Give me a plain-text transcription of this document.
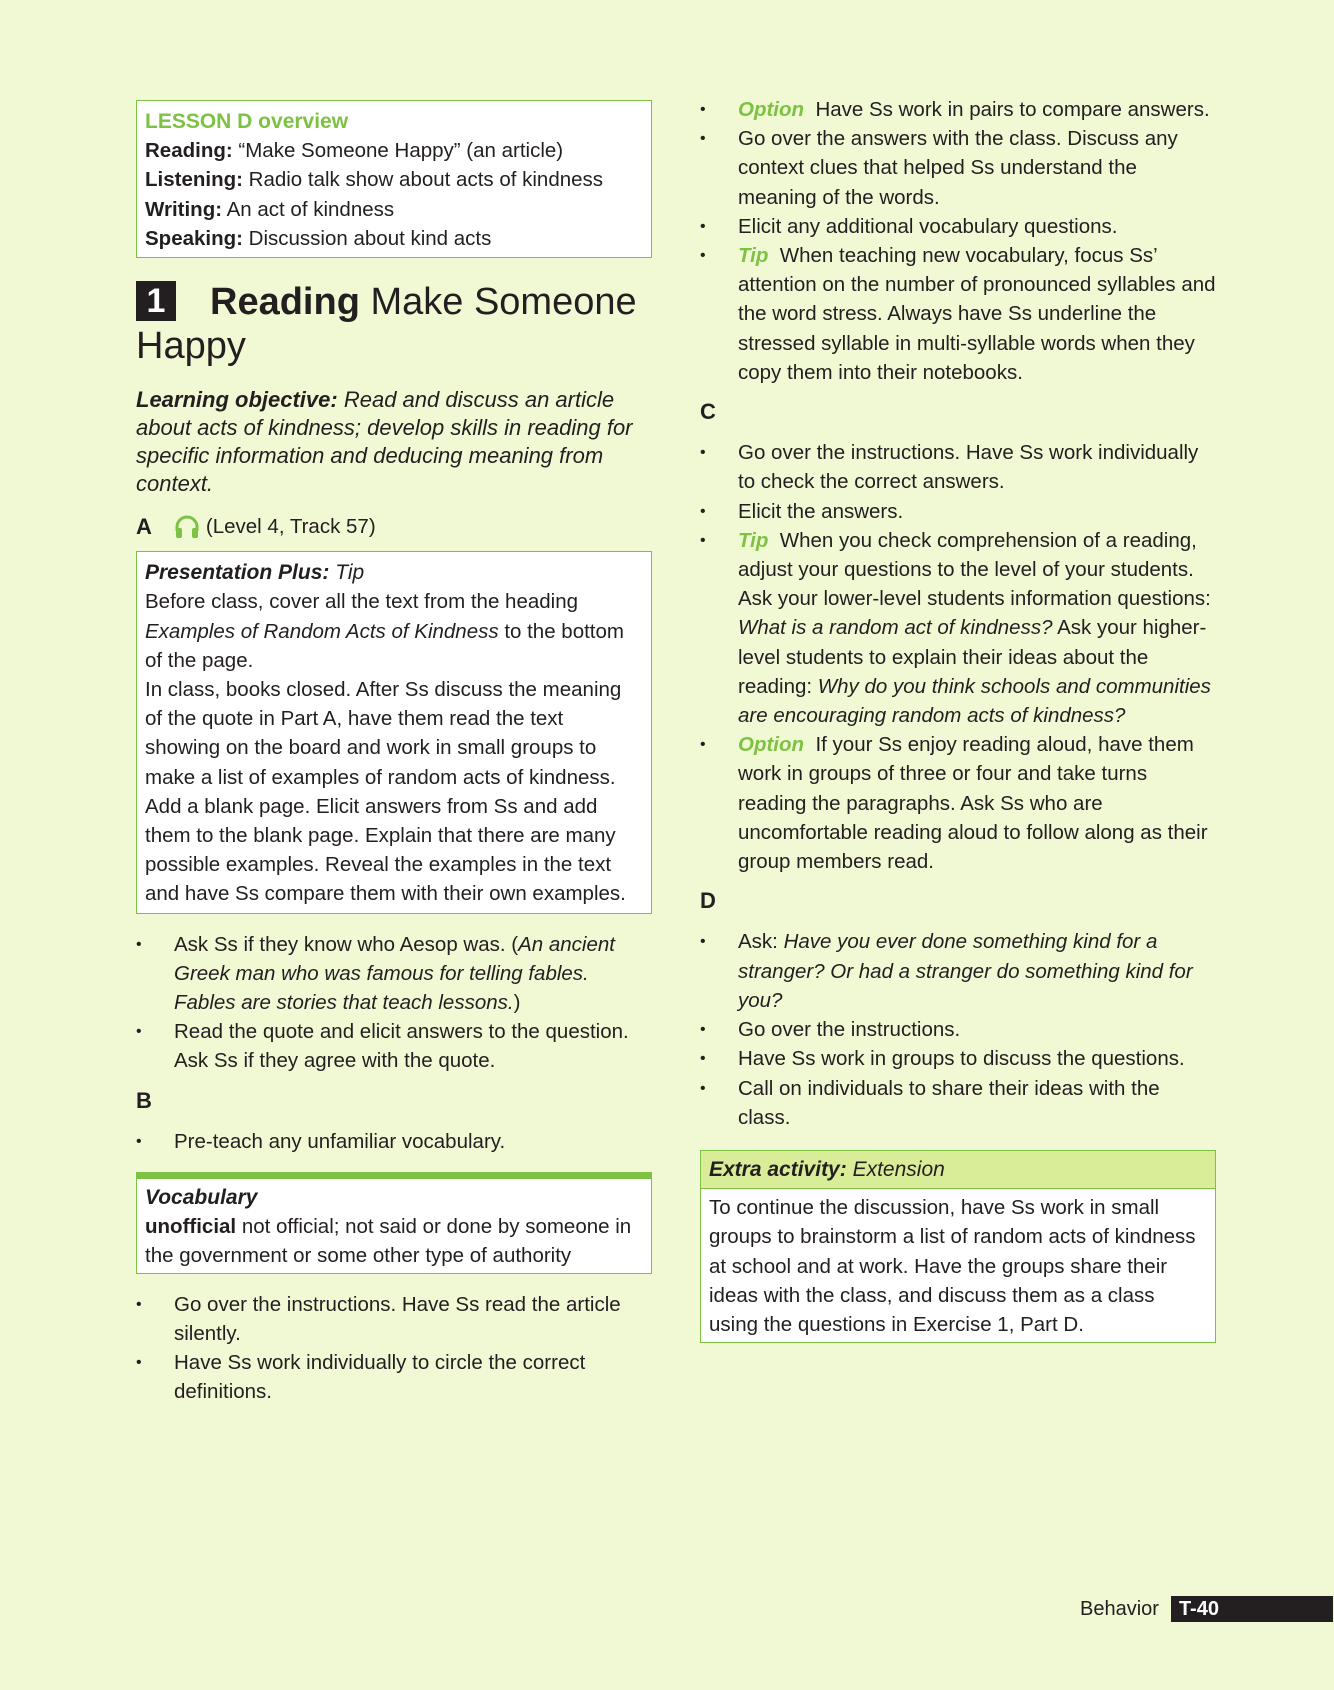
LESSON D overview
Reading: “Make Someone Happy” (an article)
Listening: Radio talk show about acts of kindness
Writing: An act of kindness
Speaking: Discussion about kind acts
1 Reading Make Someone
Happy
Learning objective: Read and discuss an article about acts of kindness; develop skills in reading for specific information and deducing meaning from context.
A	(Level 4, Track 57)
Presentation Plus: Tip
Before class, cover all the text from the heading Examples of Random Acts of Kindness to the bottom of the page.
In class, books closed. After Ss discuss the meaning of the quote in Part A, have them read the text showing on the board and work in small groups to make a list of examples of random acts of kindness. Add a blank page. Elicit answers from Ss and add them to the blank page. Explain that there are many possible examples. Reveal the examples in the text and have Ss compare them with their own examples.
• Ask Ss if they know who Aesop was. (An ancient Greek man who was famous for telling fables. Fables are stories that teach lessons.)
• Read the quote and elicit answers to the question. Ask Ss if they agree with the quote.
B
• Pre-teach any unfamiliar vocabulary.
Vocabulary
unofficial not official; not said or done by someone in the government or some other type of authority
• Go over the instructions. Have Ss read the article silently.
• Have Ss work individually to circle the correct definitions.
• Option Have Ss work in pairs to compare answers.
• Go over the answers with the class. Discuss any context clues that helped Ss understand the meaning of the words.
• Elicit any additional vocabulary questions.
• Tip When teaching new vocabulary, focus Ss’ attention on the number of pronounced syllables and the word stress. Always have Ss underline the stressed syllable in multi-syllable words when they copy them into their notebooks.
C
• Go over the instructions. Have Ss work individually to check the correct answers.
• Elicit the answers.
• Tip When you check comprehension of a reading, adjust your questions to the level of your students. Ask your lower-level students information questions: What is a random act of kindness? Ask your higher-level students to explain their ideas about the reading: Why do you think schools and communities are encouraging random acts of kindness?
• Option If your Ss enjoy reading aloud, have them work in groups of three or four and take turns reading the paragraphs. Ask Ss who are uncomfortable reading aloud to follow along as their group members read.
D
• Ask: Have you ever done something kind for a stranger? Or had a stranger do something kind for you?
• Go over the instructions.
• Have Ss work in groups to discuss the questions.
• Call on individuals to share their ideas with the class.
Extra activity: Extension
To continue the discussion, have Ss work in small groups to brainstorm a list of random acts of kindness at school and at work. Have the groups share their ideas with the class, and discuss them as a class using the questions in Exercise 1, Part D.
Behavior	T-40
